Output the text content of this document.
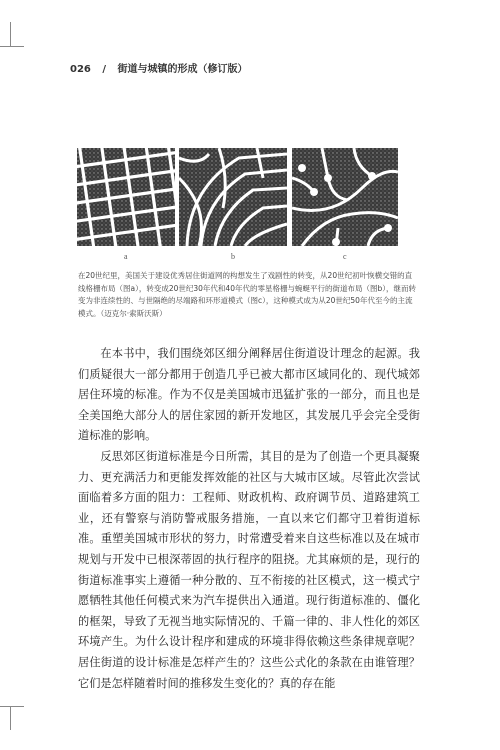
026 / 街道与城镇的形成（修订版）
a	b	c
在20世纪里，美国关于建设优秀居住街道网的构想发生了戏剧性的转变，从20世纪初叶恢横交错的直线格栅布局（图a），转变成20世纪30年代和40年代的零星格栅与蜿蜒平行的街道布局（图b），继而转变为非连续性的、与世隔绝的尽端路和环形道模式（图c），这种模式成为从20世纪50年代至今的主流模式。（迈克尔·索斯沃斯）

在本书中，我们围绕郊区细分阐释居住街道设计理念的起源。我们质疑很大一部分都用于创造几乎已被大都市区域同化的、现代城郊居住环境的标准。作为不仅是美国城市迅猛扩张的一部分，而且也是全美国绝大部分人的居住家园的新开发地区，其发展几乎会完全受街道标准的影响。

反思郊区街道标准是今日所需，其目的是为了创造一个更具凝聚力、更充满活力和更能发挥效能的社区与大城市区域。尽管此次尝试面临着多方面的阻力：工程师、财政机构、政府调节员、道路建筑工业，还有警察与消防警戒服务措施，一直以来它们都守卫着街道标准。重塑美国城市形状的努力，时常遭受着来自这些标准以及在城市规划与开发中已根深蒂固的执行程序的阻挠。尤其麻烦的是，现行的街道标准事实上遵循一种分散的、互不衔接的社区模式，这一模式宁愿牺牲其他任何模式来为汽车提供出入通道。现行街道标准的、僵化的框架，导致了无视当地实际情况的、千篇一律的、非人性化的郊区环境产生。为什么设计程序和建成的环境非得依赖这些条律规章呢？居住街道的设计标准是怎样产生的？这些公式化的条款在由谁管理？它们是怎样随着时间的推移发生变化的？真的存在能
